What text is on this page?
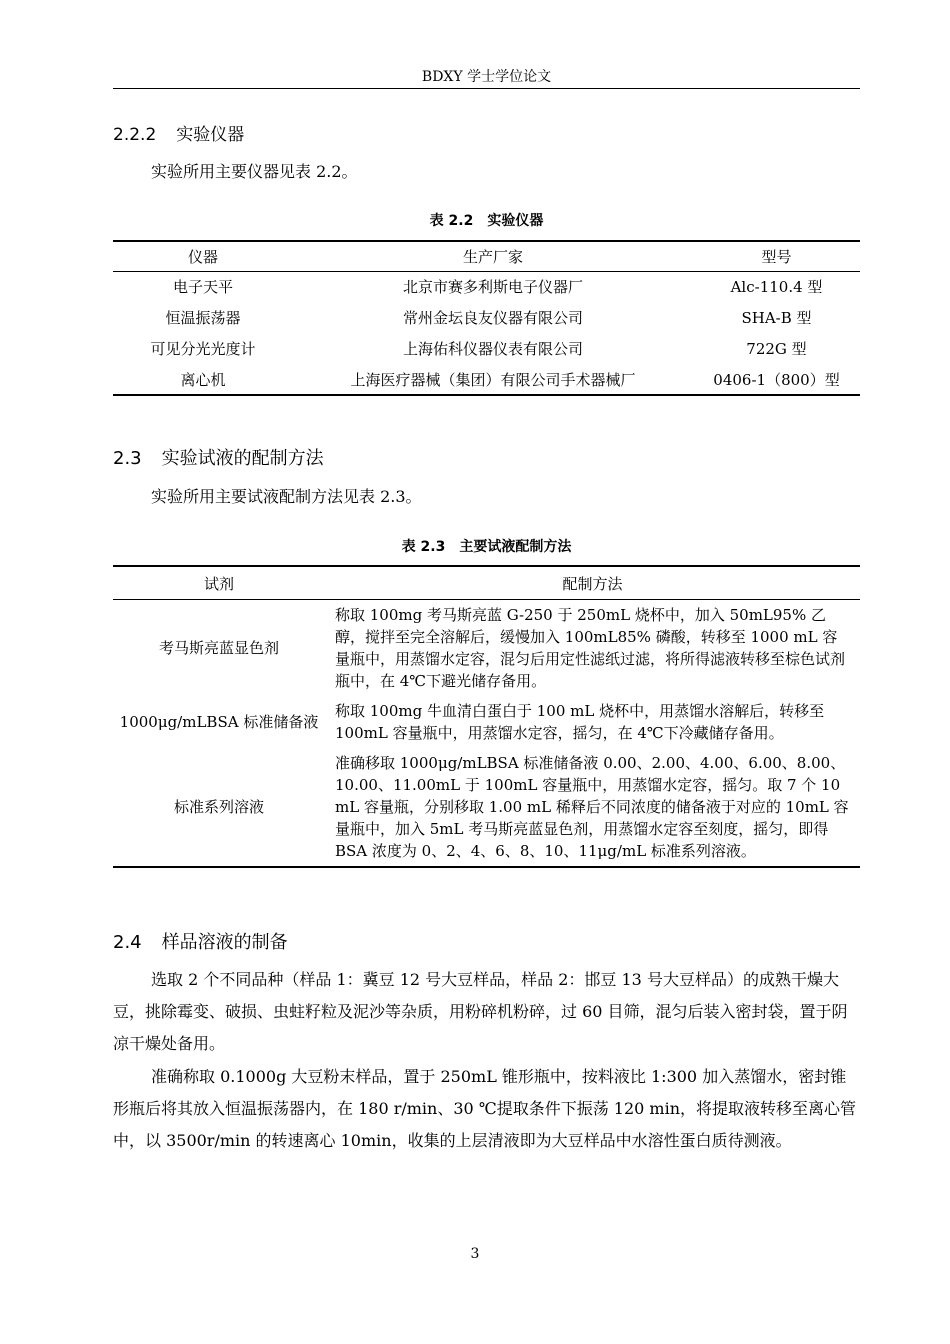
BDXY 学士学位论文
2.2.2 实验仪器
实验所用主要仪器见表 2.2。
表 2.2　实验仪器
仪器	生产厂家	型号
电子天平	北京市赛多利斯电子仪器厂	Alc-110.4 型
恒温振荡器	常州金坛良友仪器有限公司	SHA-B 型
可见分光光度计	上海佑科仪器仪表有限公司	722G 型
离心机	上海医疗器械（集团）有限公司手术器械厂	0406-1（800）型
2.3 实验试液的配制方法
实验所用主要试液配制方法见表 2.3。
表 2.3　主要试液配制方法
试剂	配制方法
考马斯亮蓝显色剂	称取 100mg 考马斯亮蓝 G-250 于 250mL 烧杯中，加入 50mL95% 乙醇，搅拌至完全溶解后，缓慢加入 100mL85% 磷酸，转移至 1000 mL 容量瓶中，用蒸馏水定容，混匀后用定性滤纸过滤，将所得滤液转移至棕色试剂瓶中，在 4℃下避光储存备用。
1000μg/mLBSA 标准储备液	称取 100mg 牛血清白蛋白于 100 mL 烧杯中，用蒸馏水溶解后，转移至 100mL 容量瓶中，用蒸馏水定容，摇匀，在 4℃下冷藏储存备用。
标准系列溶液	准确移取 1000μg/mLBSA 标准储备液 0.00、2.00、4.00、6.00、8.00、10.00、11.00mL 于 100mL 容量瓶中，用蒸馏水定容，摇匀。取 7 个 10 mL 容量瓶，分别移取 1.00 mL 稀释后不同浓度的储备液于对应的 10mL 容量瓶中，加入 5mL 考马斯亮蓝显色剂，用蒸馏水定容至刻度，摇匀，即得 BSA 浓度为 0、2、4、6、8、10、11μg/mL 标准系列溶液。
2.4 样品溶液的制备
选取 2 个不同品种（样品 1：冀豆 12 号大豆样品，样品 2：邯豆 13 号大豆样品）的成熟干燥大豆，挑除霉变、破损、虫蛀籽粒及泥沙等杂质，用粉碎机粉碎，过 60 目筛，混匀后装入密封袋，置于阴凉干燥处备用。
准确称取 0.1000g 大豆粉末样品，置于 250mL 锥形瓶中，按料液比 1:300 加入蒸馏水，密封锥形瓶后将其放入恒温振荡器内，在 180 r/min、30 ℃提取条件下振荡 120 min，将提取液转移至离心管中，以 3500r/min 的转速离心 10min，收集的上层清液即为大豆样品中水溶性蛋白质待测液。
3
